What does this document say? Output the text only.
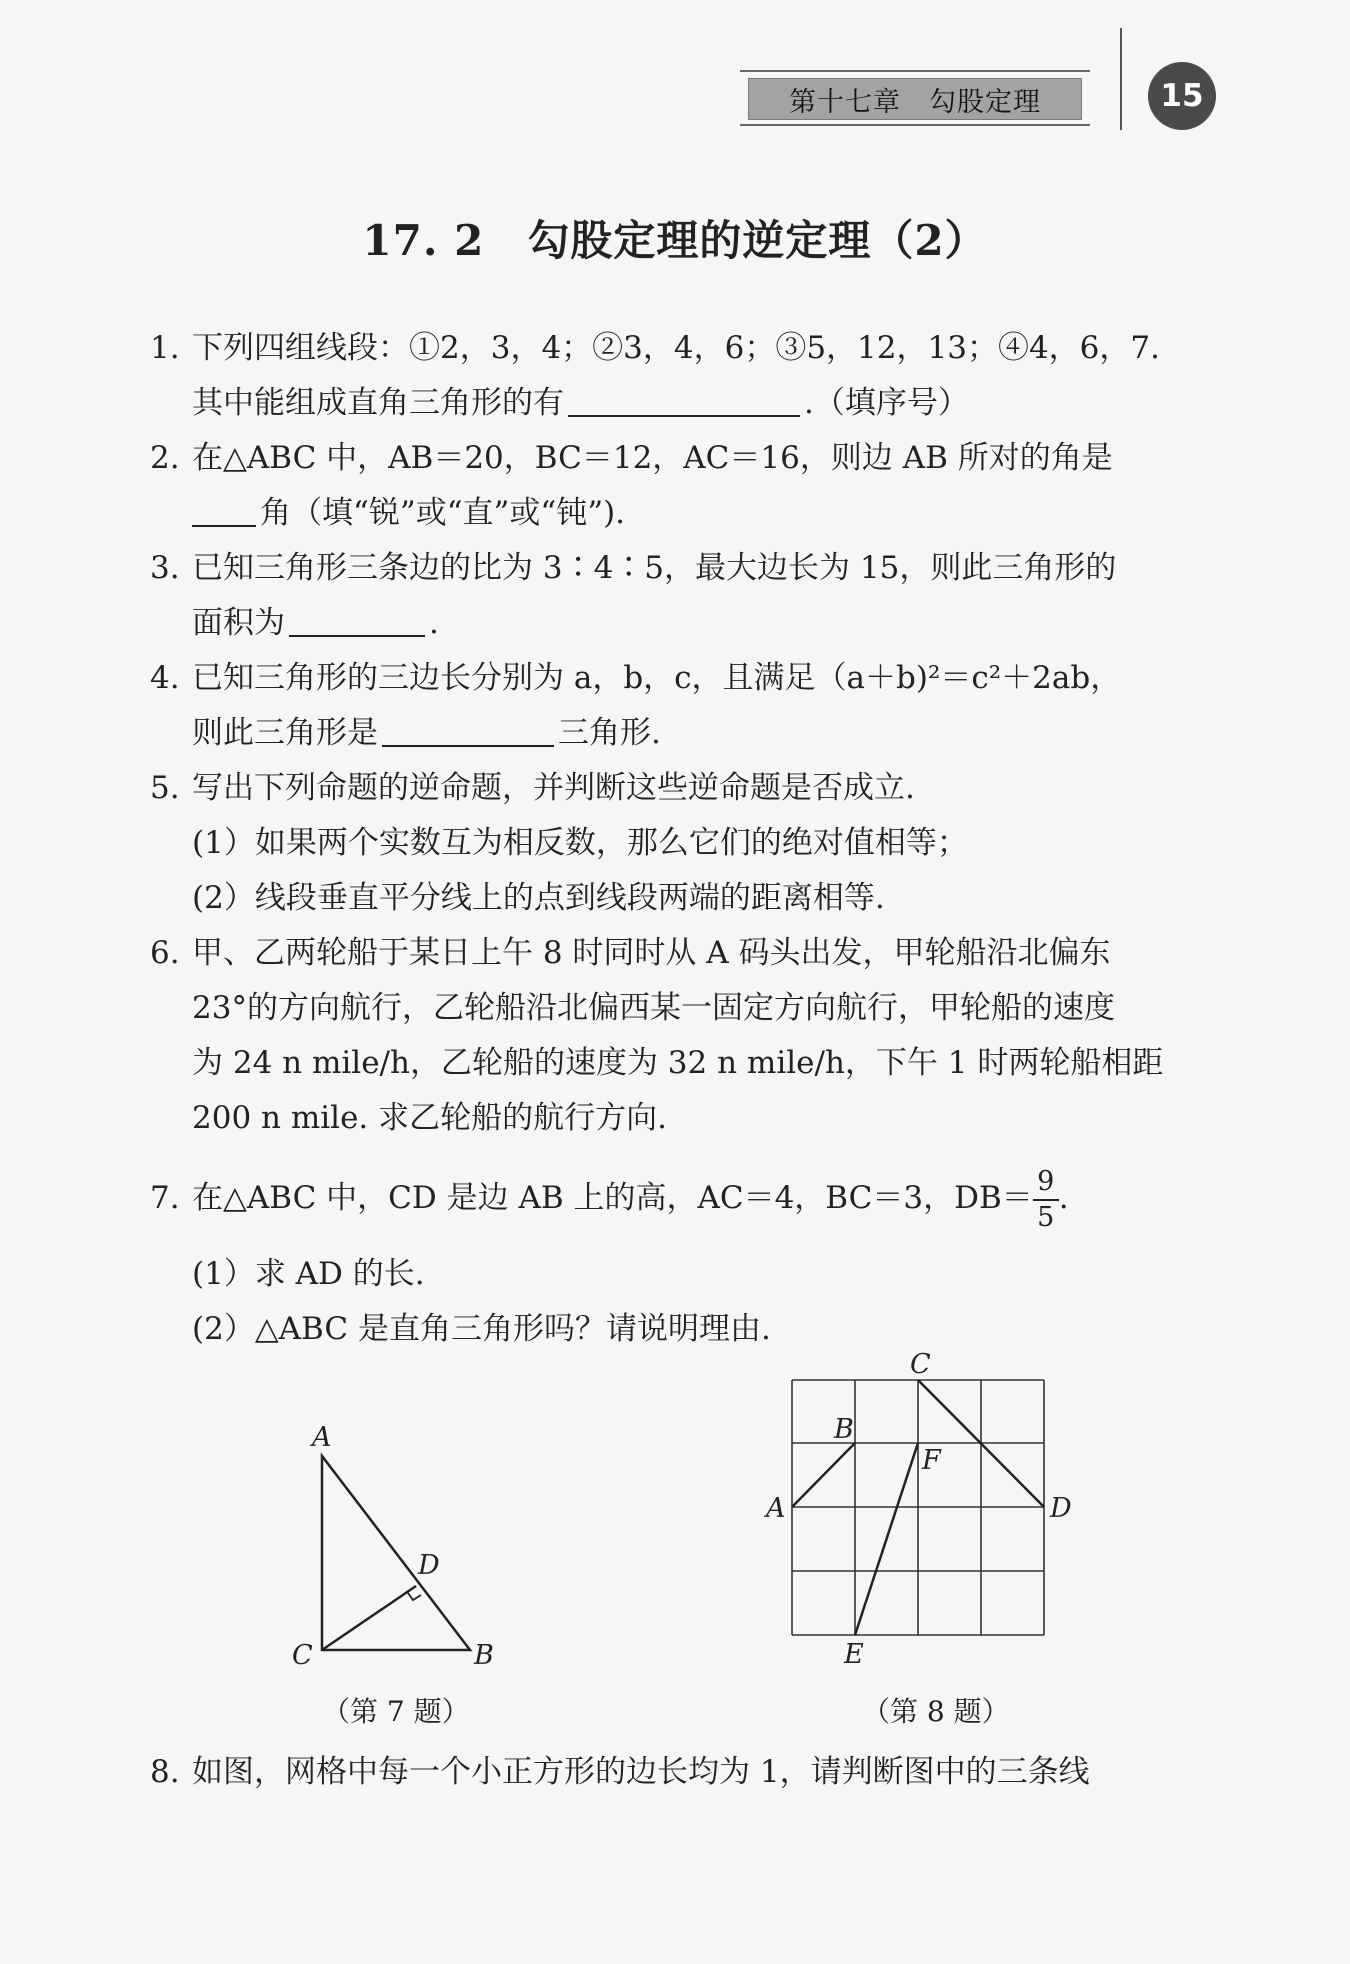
第十七章　勾股定理	15
17. 2　勾股定理的逆定理（2）
1. 下列四组线段：①2，3，4；②3，4，6；③5，12，13；④4，6，7.
其中能组成直角三角形的有	.（填序号）
2. 在△ABC 中，AB＝20，BC＝12，AC＝16，则边 AB 所对的角是
角（填“锐”或“直”或“钝”).
3. 已知三角形三条边的比为 3∶4∶5，最大边长为 15，则此三角形的
面积为	.
4. 已知三角形的三边长分别为 a，b，c，且满足（a＋b)²＝c²＋2ab，
则此三角形是	三角形.
5. 写出下列命题的逆命题，并判断这些逆命题是否成立.
(1）如果两个实数互为相反数，那么它们的绝对值相等；
(2）线段垂直平分线上的点到线段两端的距离相等.
6. 甲、乙两轮船于某日上午 8 时同时从 A 码头出发，甲轮船沿北偏东
23°的方向航行，乙轮船沿北偏西某一固定方向航行，甲轮船的速度
为 24 n mile/h，乙轮船的速度为 32 n mile/h，下午 1 时两轮船相距
200 n mile. 求乙轮船的航行方向.
7. 在△ABC 中，CD 是边 AB 上的高，AC＝4，BC＝3，$DB= \frac{9}{5}$ .
(1）求 AD 的长.
(2）△ABC 是直角三角形吗？请说明理由.
A
D
C	B
（第 7 题）
C
B
F
A	D
E
（第 8 题）
8. 如图，网格中每一个小正方形的边长均为 1，请判断图中的三条线
